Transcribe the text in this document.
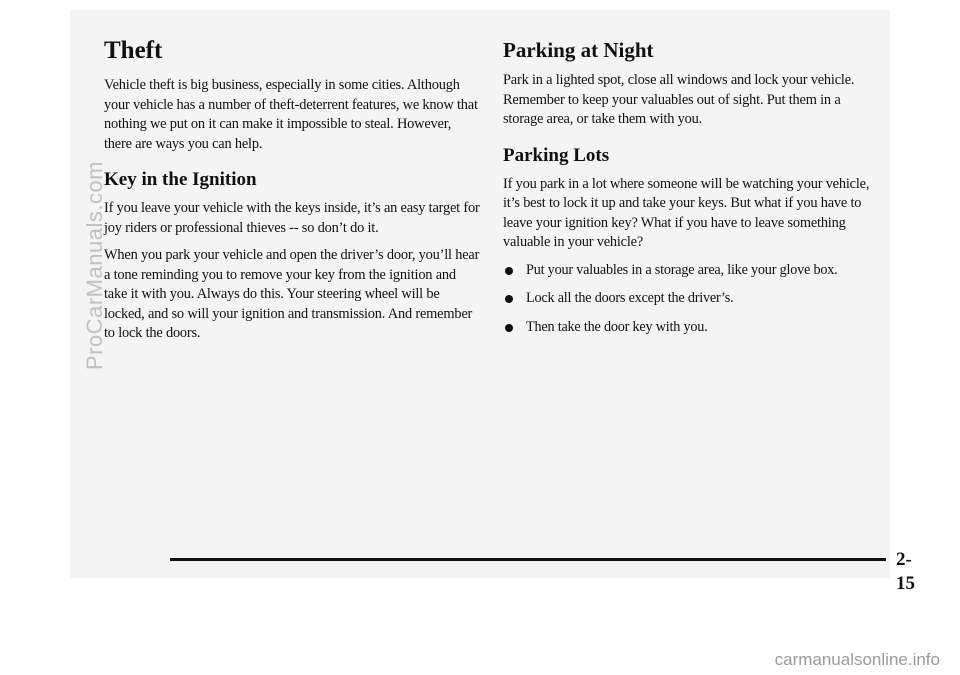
Theft

Vehicle theft is big business, especially in some cities. Although your vehicle has a number of theft-deterrent features, we know that nothing we put on it can make it impossible to steal. However, there are ways you can help.

Key in the Ignition

If you leave your vehicle with the keys inside, it’s an easy target for joy riders or professional thieves -- so don’t do it.

When you park your vehicle and open the driver’s door, you’ll hear a tone reminding you to remove your key from the ignition and take it with you. Always do this. Your steering wheel will be locked, and so will your ignition and transmission. And remember to lock the doors.

Parking at Night

Park in a lighted spot, close all windows and lock your vehicle. Remember to keep your valuables out of sight. Put them in a storage area, or take them with you.

Parking Lots

If you park in a lot where someone will be watching your vehicle, it’s best to lock it up and take your keys. But what if you have to leave your ignition key? What if you have to leave something valuable in your vehicle?

Put your valuables in a storage area, like your glove box.
Lock all the doors except the driver’s.
Then take the door key with you.
2-15
ProCarManuals.com
carmanualsonline.info
